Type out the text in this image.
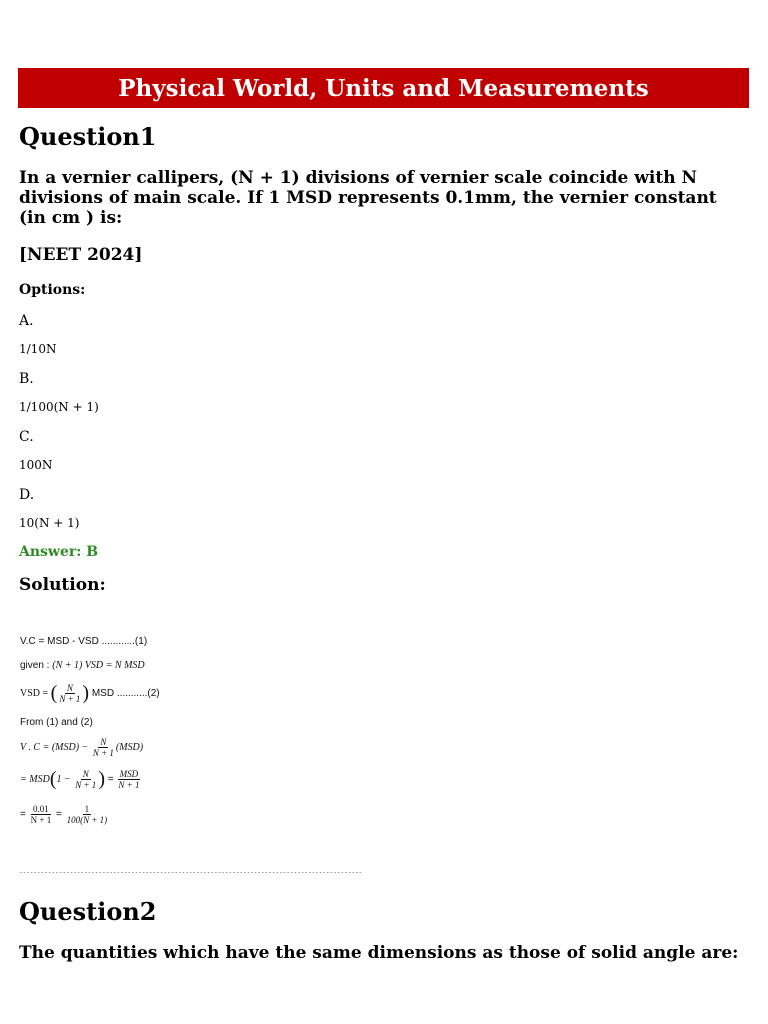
Physical World, Units and Measurements
Question1
In a vernier callipers, (N + 1) divisions of vernier scale coincide with N divisions of main scale. If 1 MSD represents 0.1mm, the vernier constant (in cm ) is:
[NEET 2024]
Options:
A.
1/10N
B.
1/100(N + 1)
C.
100N
D.
10(N + 1)
Answer: B
Solution:
V.C = MSD - VSD ............(1)
given : (N + 1) VSD = N MSD
VSD = ( $\frac{N}{N + 1}$ ) MSD ...........(2)
From (1) and (2)
V . $C = (MSD) - \frac{N}{N + 1} (MSD)$
= $MSD(1 - \frac{N}{N + 1}$ ) = $\frac{\text{MSD}}{N + 1}$
= $\frac{0.01}{N + 1} = \frac{1}{100(N + 1)}$
-----------------------------------------------------------------------------------------------
Question2
The quantities which have the same dimensions as those of solid angle are:
